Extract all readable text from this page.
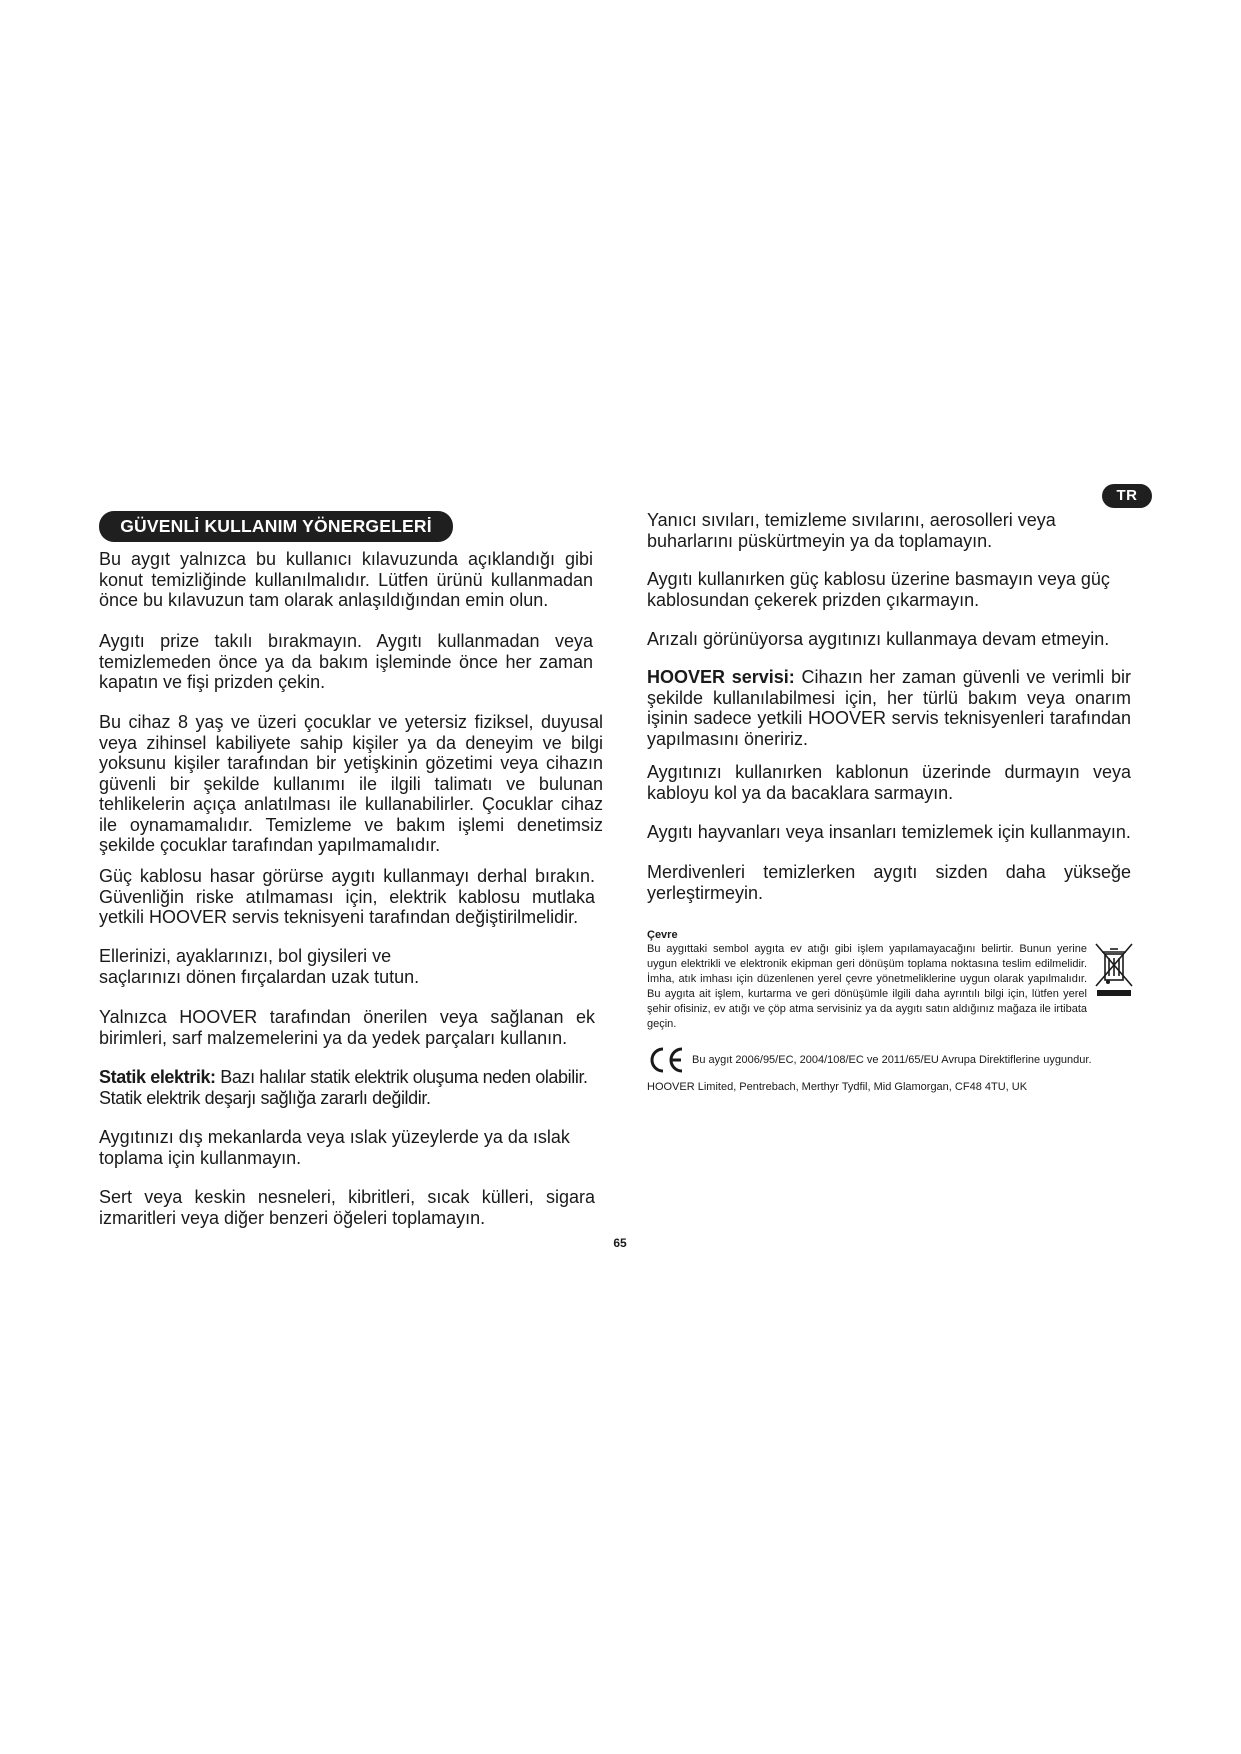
TR
GÜVENLİ KULLANIM YÖNERGELERİ

Bu aygıt yalnızca bu kullanıcı kılavuzunda açıklandığı gibi konut temizliğinde kullanılmalıdır. Lütfen ürünü kullanmadan önce bu kılavuzun tam olarak anlaşıldığından emin olun.

Aygıtı prize takılı bırakmayın. Aygıtı kullanmadan veya temizlemeden önce ya da bakım işleminde önce her zaman kapatın ve fişi prizden çekin.

Bu cihaz 8 yaş ve üzeri çocuklar ve yetersiz fiziksel, duyusal veya zihinsel kabiliyete sahip kişiler ya da deneyim ve bilgi yoksunu kişiler tarafından bir yetişkinin gözetimi veya cihazın güvenli bir şekilde kullanımı ile ilgili talimatı ve bulunan tehlikelerin açıça anlatılması ile kullanabilirler. Çocuklar cihaz ile oynamamalıdır. Temizleme ve bakım işlemi denetimsiz şekilde çocuklar tarafından yapılmamalıdır.

Güç kablosu hasar görürse aygıtı kullanmayı derhal bırakın. Güvenliğin riske atılmaması için, elektrik kablosu mutlaka yetkili HOOVER servis teknisyeni tarafından değiştirilmelidir.

Ellerinizi, ayaklarınızı, bol giysileri ve saçlarınızı dönen fırçalardan uzak tutun.

Yalnızca HOOVER tarafından önerilen veya sağlanan ek birimleri, sarf malzemelerini ya da yedek parçaları kullanın.

Statik elektrik: Bazı halılar statik elektrik oluşuma neden olabilir. Statik elektrik deşarjı sağlığa zararlı değildir.

Aygıtınızı dış mekanlarda veya ıslak yüzeylerde ya da ıslak toplama için kullanmayın.

Sert veya keskin nesneleri, kibritleri, sıcak külleri, sigara izmaritleri veya diğer benzeri öğeleri toplamayın.

Yanıcı sıvıları, temizleme sıvılarını, aerosolleri veya buharlarını püskürtmeyin ya da toplamayın.

Aygıtı kullanırken güç kablosu üzerine basmayın veya güç kablosundan çekerek prizden çıkarmayın.

Arızalı görünüyorsa aygıtınızı kullanmaya devam etmeyin.

HOOVER servisi: Cihazın her zaman güvenli ve verimli bir şekilde kullanılabilmesi için, her türlü bakım veya onarım işinin sadece yetkili HOOVER servis teknisyenleri tarafından yapılmasını öneririz.

Aygıtınızı kullanırken kablonun üzerinde durmayın veya kabloyu kol ya da bacaklara sarmayın.

Aygıtı hayvanları veya insanları temizlemek için kullanmayın.

Merdivenleri temizlerken aygıtı sizden daha yükseğe yerleştirmeyin.

Çevre

Bu aygıttaki sembol aygıta ev atığı gibi işlem yapılamayacağını belirtir. Bunun yerine uygun elektrikli ve elektronik ekipman geri dönüşüm toplama noktasına teslim edilmelidir. İmha, atık imhası için düzenlenen yerel çevre yönetmeliklerine uygun olarak yapılmalıdır. Bu aygıta ait işlem, kurtarma ve geri dönüşümle ilgili daha ayrıntılı bilgi için, lütfen yerel şehir ofisiniz, ev atığı ve çöp atma servisiniz ya da aygıtı satın aldığınız mağaza ile irtibata geçin.

Bu aygıt 2006/95/EC, 2004/108/EC ve 2011/65/EU Avrupa Direktiflerine uygundur.
HOOVER Limited, Pentrebach, Merthyr Tydfil, Mid Glamorgan, CF48 4TU, UK
65
